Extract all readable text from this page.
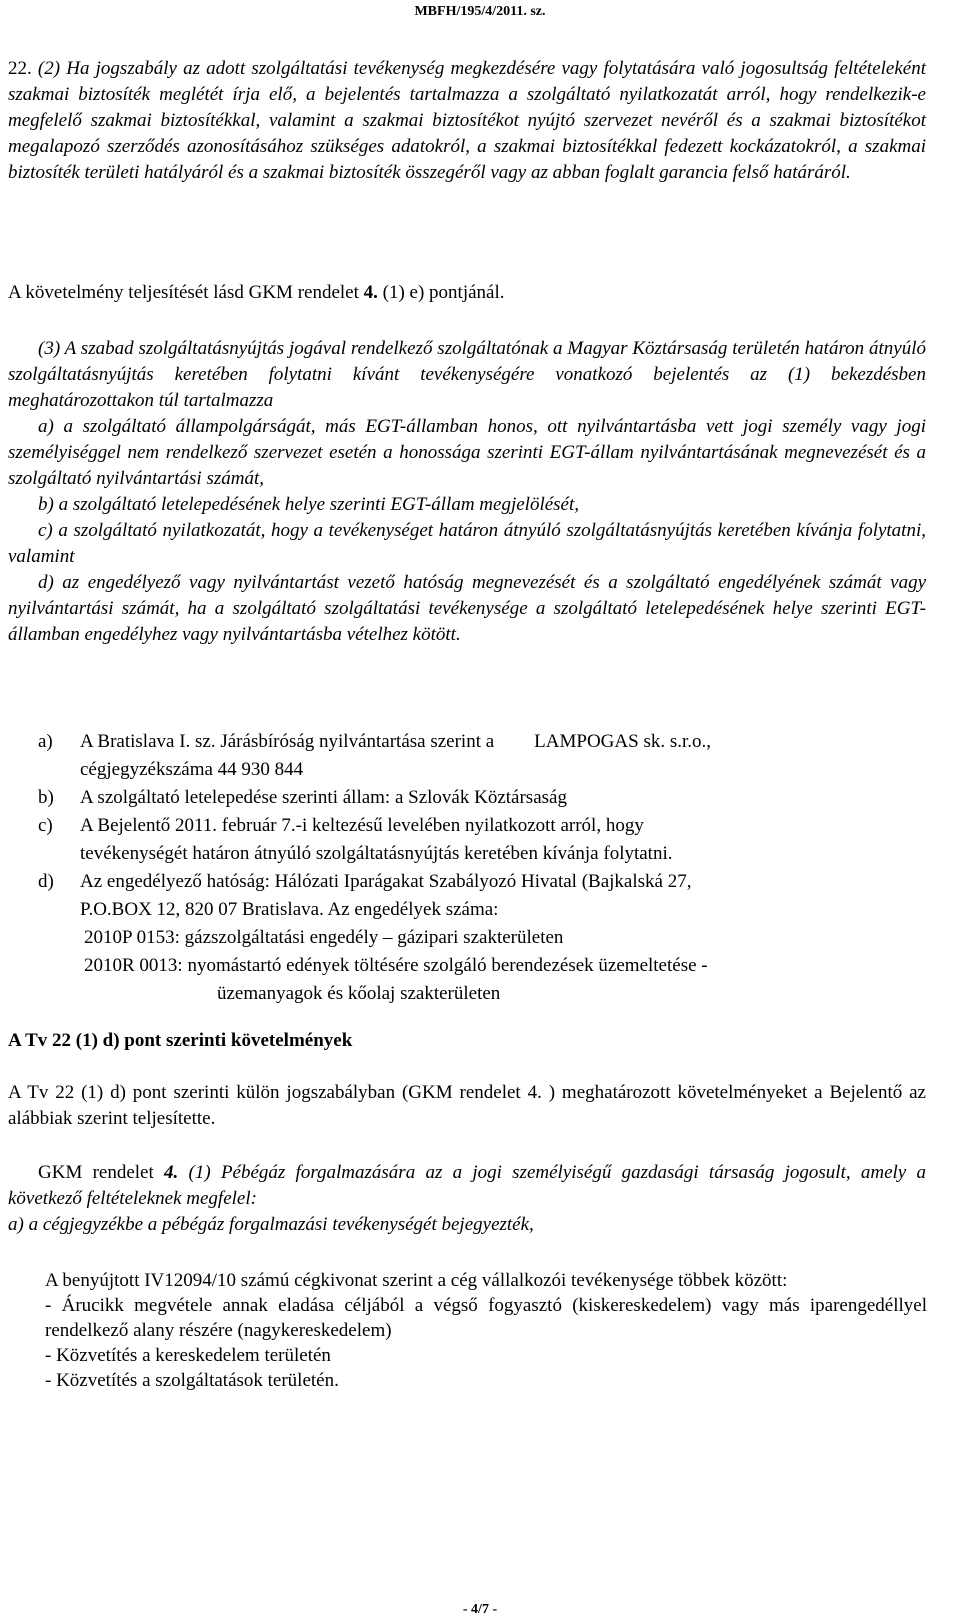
MBFH/195/4/2011. sz.
22. (2) Ha jogszabály az adott szolgáltatási tevékenység megkezdésére vagy folytatására való jogosultság feltételeként szakmai biztosíték meglétét írja elő, a bejelentés tartalmazza a szolgáltató nyilatkozatát arról, hogy rendelkezik-e megfelelő szakmai biztosítékkal, valamint a szakmai biztosítékot nyújtó szervezet nevéről és a szakmai biztosítékot megalapozó szerződés azonosításához szükséges adatokról, a szakmai biztosítékkal fedezett kockázatokról, a szakmai biztosíték területi hatályáról és a szakmai biztosíték összegéről vagy az abban foglalt garancia felső határáról.
A követelmény teljesítését lásd GKM rendelet 4. (1) e) pontjánál.
(3) A szabad szolgáltatásnyújtás jogával rendelkező szolgáltatónak a Magyar Köztársaság területén határon átnyúló szolgáltatásnyújtás keretében folytatni kívánt tevékenységére vonatkozó bejelentés az (1) bekezdésben meghatározottakon túl tartalmazza
a) a szolgáltató állampolgárságát, más EGT-államban honos, ott nyilvántartásba vett jogi személy vagy jogi személyiséggel nem rendelkező szervezet esetén a honossága szerinti EGT-állam nyilvántartásának megnevezését és a szolgáltató nyilvántartási számát,
b) a szolgáltató letelepedésének helye szerinti EGT-állam megjelölését,
c) a szolgáltató nyilatkozatát, hogy a tevékenységet határon átnyúló szolgáltatásnyújtás keretében kívánja folytatni, valamint
d) az engedélyező vagy nyilvántartást vezető hatóság megnevezését és a szolgáltató engedélyének számát vagy nyilvántartási számát, ha a szolgáltató szolgáltatási tevékenysége a szolgáltató letelepedésének helye szerinti EGT-államban engedélyhez vagy nyilvántartásba vételhez kötött.
a) A Bratislava I. sz. Járásbíróság nyilvántartása szerint a LAMPOGAS sk. s.r.o.,
cégjegyzékszáma 44 930 844
b) A szolgáltató letelepedése szerinti állam: a Szlovák Köztársaság
c) A Bejelentő 2011. február 7.-i keltezésű levelében nyilatkozott arról, hogy
tevékenységét határon átnyúló szolgáltatásnyújtás keretében kívánja folytatni.
d) Az engedélyező hatóság: Hálózati Iparágakat Szabályozó Hivatal (Bajkalská 27,
P.O.BOX 12, 820 07 Bratislava. Az engedélyek száma:
2010P 0153: gázszolgáltatási engedély – gázipari szakterületen
2010R 0013: nyomástartó edények töltésére szolgáló berendezések üzemeltetése -
üzemanyagok és kőolaj szakterületen
A Tv 22 (1) d) pont szerinti követelmények
A Tv 22 (1) d) pont szerinti külön jogszabályban (GKM rendelet 4. ) meghatározott követelményeket a Bejelentő az alábbiak szerint teljesítette.
GKM rendelet 4. (1) Pébégáz forgalmazására az a jogi személyiségű gazdasági társaság jogosult, amely a következő feltételeknek megfelel:
a) a cégjegyzékbe a pébégáz forgalmazási tevékenységét bejegyezték,
A benyújtott IV12094/10 számú cégkivonat szerint a cég vállalkozói tevékenysége többek között:
- Árucikk megvétele annak eladása céljából a végső fogyasztó (kiskereskedelem) vagy más iparengedéllyel rendelkező alany részére (nagykereskedelem)
- Közvetítés a kereskedelem területén
- Közvetítés a szolgáltatások területén.
- 4/7 -
